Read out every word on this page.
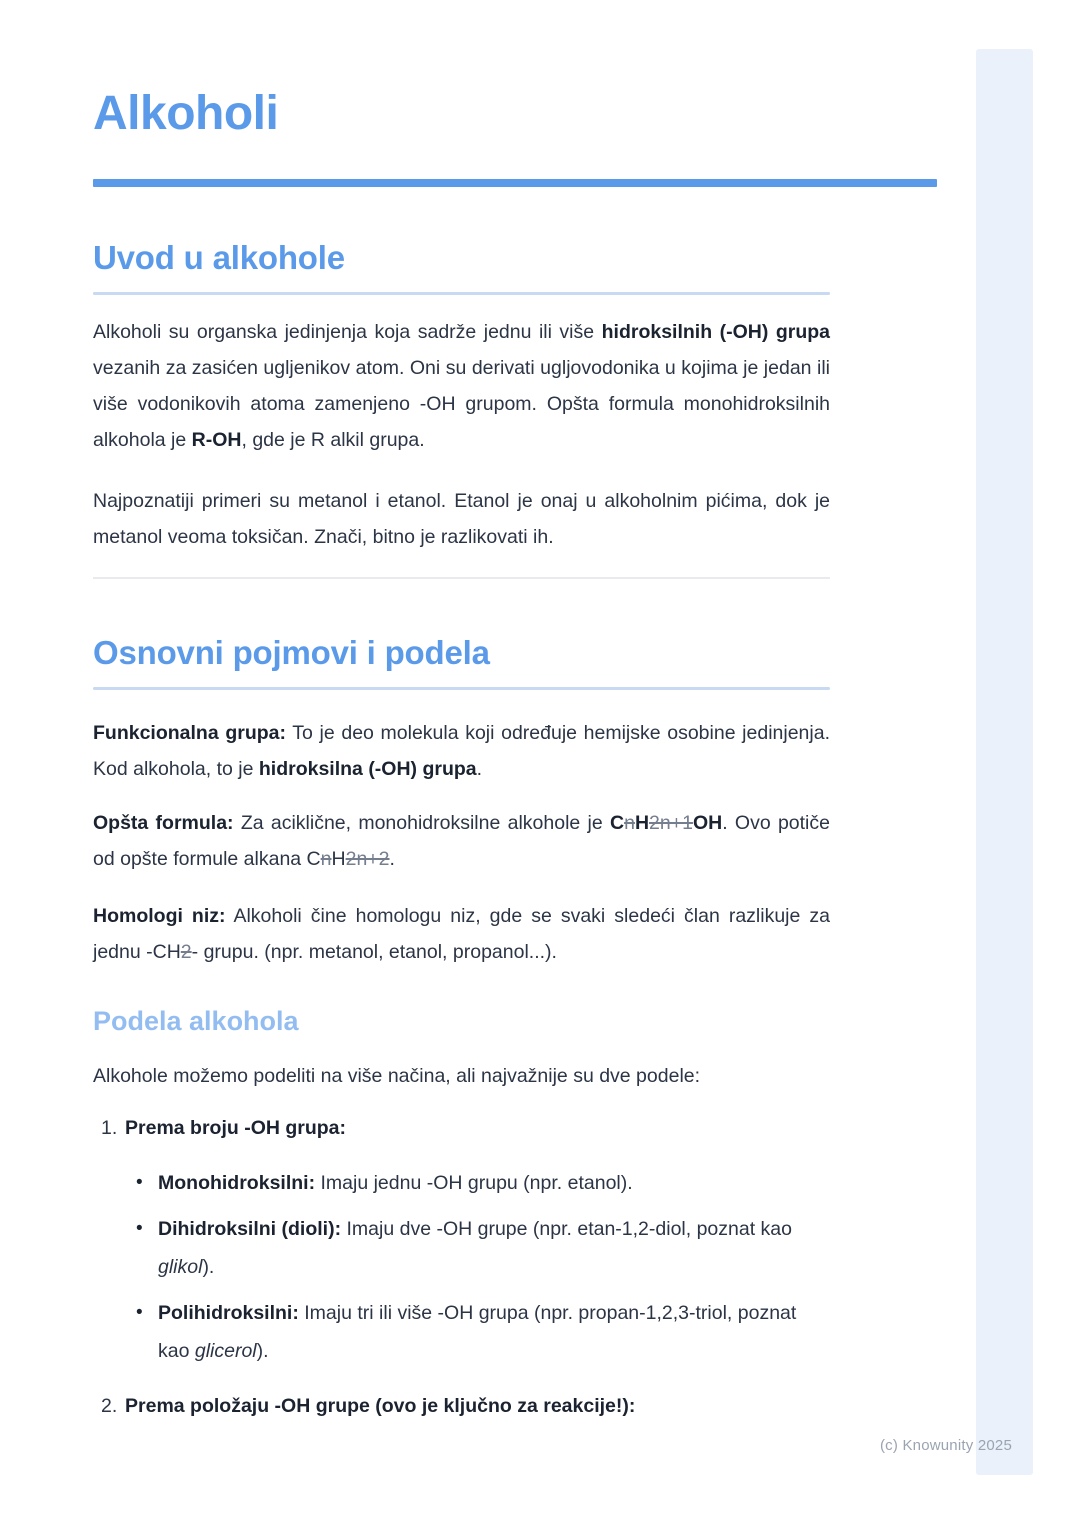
Alkoholi
Uvod u alkohole

Alkoholi su organska jedinjenja koja sadrže jednu ili više hidroksilnih (-OH) grupa vezanih za zasićen ugljenikov atom. Oni su derivati ugljovodonika u kojima je jedan ili više vodonikovih atoma zamenjeno -OH grupom. Opšta formula monohidroksilnih alkohola je R-OH, gde je R alkil grupa.

Najpoznatiji primeri su metanol i etanol. Etanol je onaj u alkoholnim pićima, dok je metanol veoma toksičan. Znači, bitno je razlikovati ih.

Osnovni pojmovi i podela

Funkcionalna grupa: To je deo molekula koji određuje hemijske osobine jedinjenja. Kod alkohola, to je hidroksilna (-OH) grupa.

Opšta formula: Za aciklične, monohidroksilne alkohole je CnH2n+1OH. Ovo potiče od opšte formule alkana CnH2n+2.

Homologi niz: Alkoholi čine homologu niz, gde se svaki sledeći član razlikuje za jednu -CH2- grupu. (npr. metanol, etanol, propanol...).

Podela alkohola

Alkohole možemo podeliti na više načina, ali najvažnije su dve podele:

1. Prema broju -OH grupa:
• Monohidroksilni: Imaju jednu -OH grupu (npr. etanol).
• Dihidroksilni (dioli): Imaju dve -OH grupe (npr. etan-1,2-diol, poznat kao glikol).
• Polihidroksilni: Imaju tri ili više -OH grupa (npr. propan-1,2,3-triol, poznat kao glicerol).
2. Prema položaju -OH grupe (ovo je ključno za reakcije!):
(c) Knowunity 2025
